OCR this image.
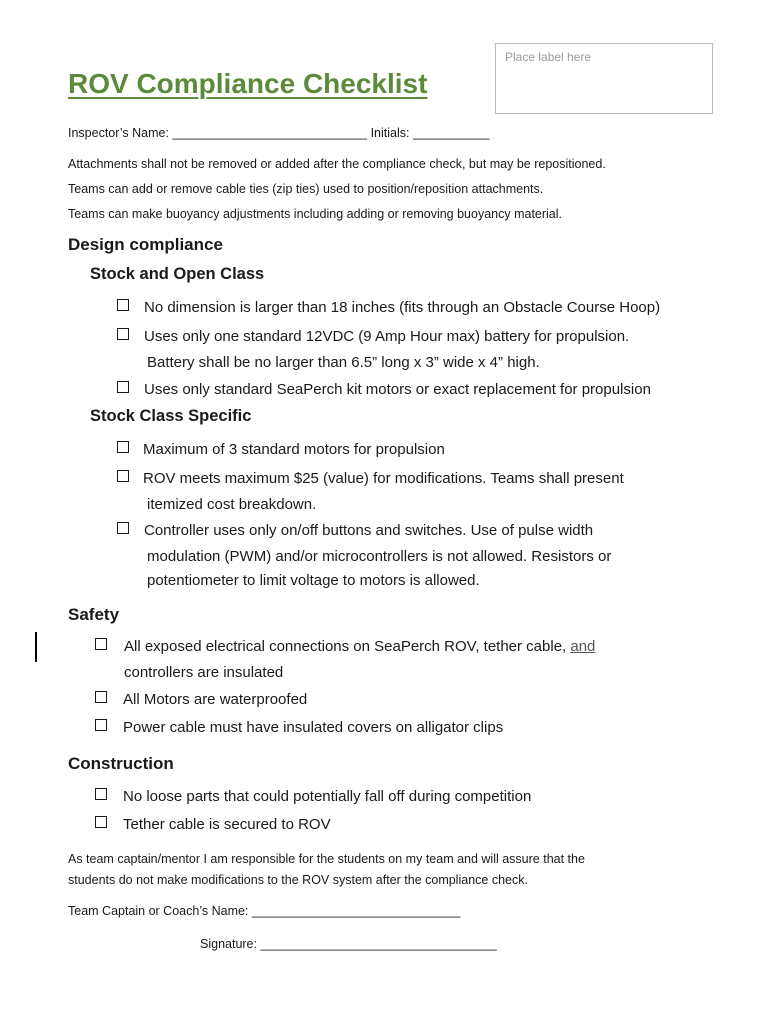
Place label here
ROV Compliance Checklist
Inspector’s Name: ____________________________ Initials: ___________
Attachments shall not be removed or added after the compliance check, but may be repositioned.
Teams can add or remove cable ties (zip ties) used to position/reposition attachments.
Teams can make buoyancy adjustments including adding or removing buoyancy material.
Design compliance
Stock and Open Class
No dimension is larger than 18 inches (fits through an Obstacle Course Hoop)
Uses only one standard 12VDC (9 Amp Hour max) battery for propulsion.
Battery shall be no larger than 6.5” long x 3” wide x 4” high.
Uses only standard SeaPerch kit motors or exact replacement for propulsion
Stock Class Specific
Maximum of 3 standard motors for propulsion
ROV meets maximum $25 (value) for modifications. Teams shall present
itemized cost breakdown.
Controller uses only on/off buttons and switches. Use of pulse width
modulation (PWM) and/or microcontrollers is not allowed. Resistors or
potentiometer to limit voltage to motors is allowed.
Safety
All exposed electrical connections on SeaPerch ROV, tether cable, and
controllers are insulated
All Motors are waterproofed
Power cable must have insulated covers on alligator clips
Construction
No loose parts that could potentially fall off during competition
Tether cable is secured to ROV
As team captain/mentor I am responsible for the students on my team and will assure that the
students do not make modifications to the ROV system after the compliance check.
Team Captain or Coach’s Name: ______________________________
Signature: __________________________________
